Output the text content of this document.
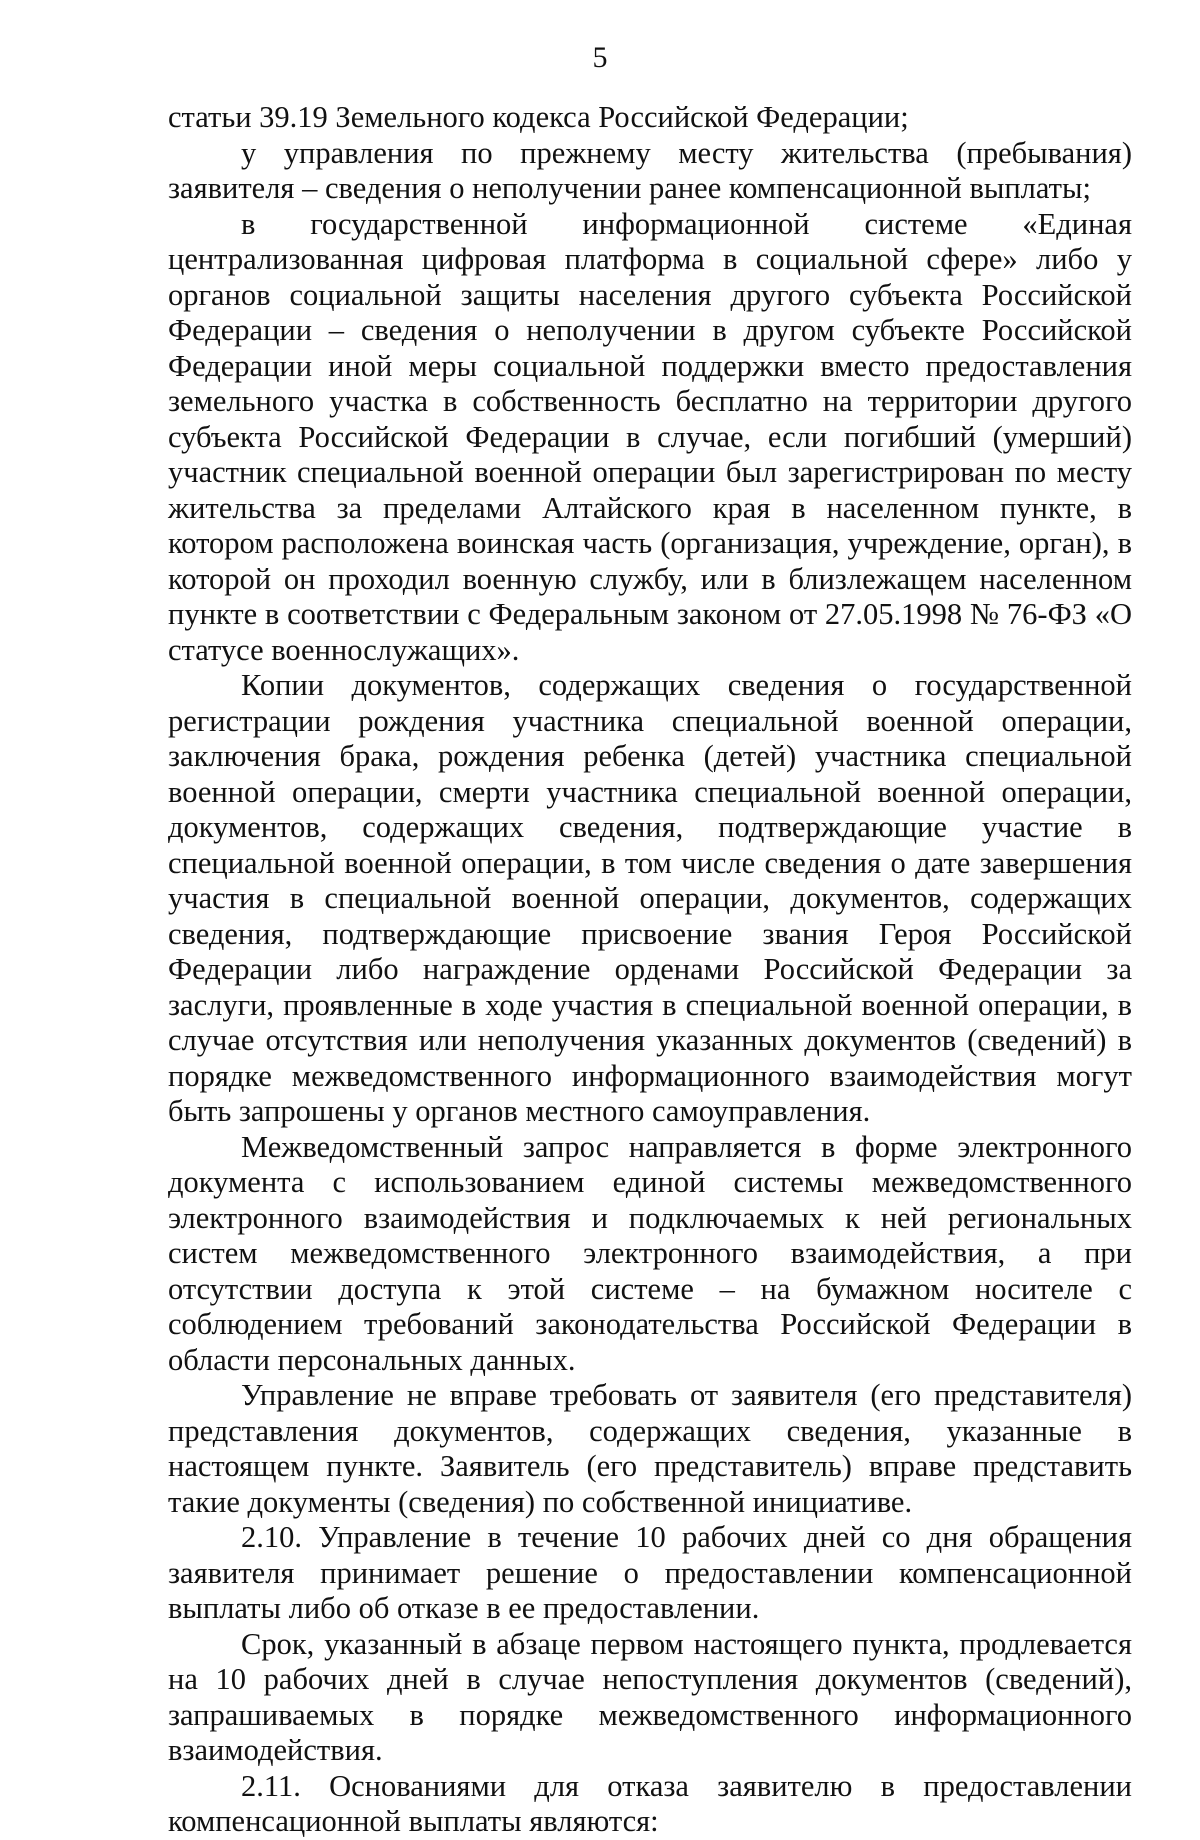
5

статьи 39.19 Земельного кодекса Российской Федерации;

у управления по прежнему месту жительства (пребывания) заявителя – сведения о неполучении ранее компенсационной выплаты;

в государственной информационной системе «Единая централизованная цифровая платформа в социальной сфере» либо у органов социальной защиты населения другого субъекта Российской Федерации – сведения о неполучении в другом субъекте Российской Федерации иной меры социальной поддержки вместо предоставления земельного участка в собственность бесплатно на территории другого субъекта Российской Федерации в случае, если погибший (умерший) участник специальной военной операции был зарегистрирован по месту жительства за пределами Алтайского края в населенном пункте, в котором расположена воинская часть (организация, учреждение, орган), в которой он проходил военную службу, или в близлежащем населенном пункте в соответствии с Федеральным законом от 27.05.1998 № 76-ФЗ «О статусе военнослужащих».

Копии документов, содержащих сведения о государственной регистрации рождения участника специальной военной операции, заключения брака, рождения ребенка (детей) участника специальной военной операции, смерти участника специальной военной операции, документов, содержащих сведения, подтверждающие участие в специальной военной операции, в том числе сведения о дате завершения участия в специальной военной операции, документов, содержащих сведения, подтверждающие присвоение звания Героя Российской Федерации либо награждение орденами Российской Федерации за заслуги, проявленные в ходе участия в специальной военной операции, в случае отсутствия или неполучения указанных документов (сведений) в порядке межведомственного информационного взаимодействия могут быть запрошены у органов местного самоуправления.

Межведомственный запрос направляется в форме электронного документа с использованием единой системы межведомственного электронного взаимодействия и подключаемых к ней региональных систем межведомственного электронного взаимодействия, а при отсутствии доступа к этой системе – на бумажном носителе с соблюдением требований законодательства Российской Федерации в области персональных данных.

Управление не вправе требовать от заявителя (его представителя) представления документов, содержащих сведения, указанные в настоящем пункте. Заявитель (его представитель) вправе представить такие документы (сведения) по собственной инициативе.

2.10. Управление в течение 10 рабочих дней со дня обращения заявителя принимает решение о предоставлении компенсационной выплаты либо об отказе в ее предоставлении.

Срок, указанный в абзаце первом настоящего пункта, продлевается на 10 рабочих дней в случае непоступления документов (сведений), запрашиваемых в порядке межведомственного информационного взаимодействия.

2.11. Основаниями для отказа заявителю в предоставлении компенсационной выплаты являются:
